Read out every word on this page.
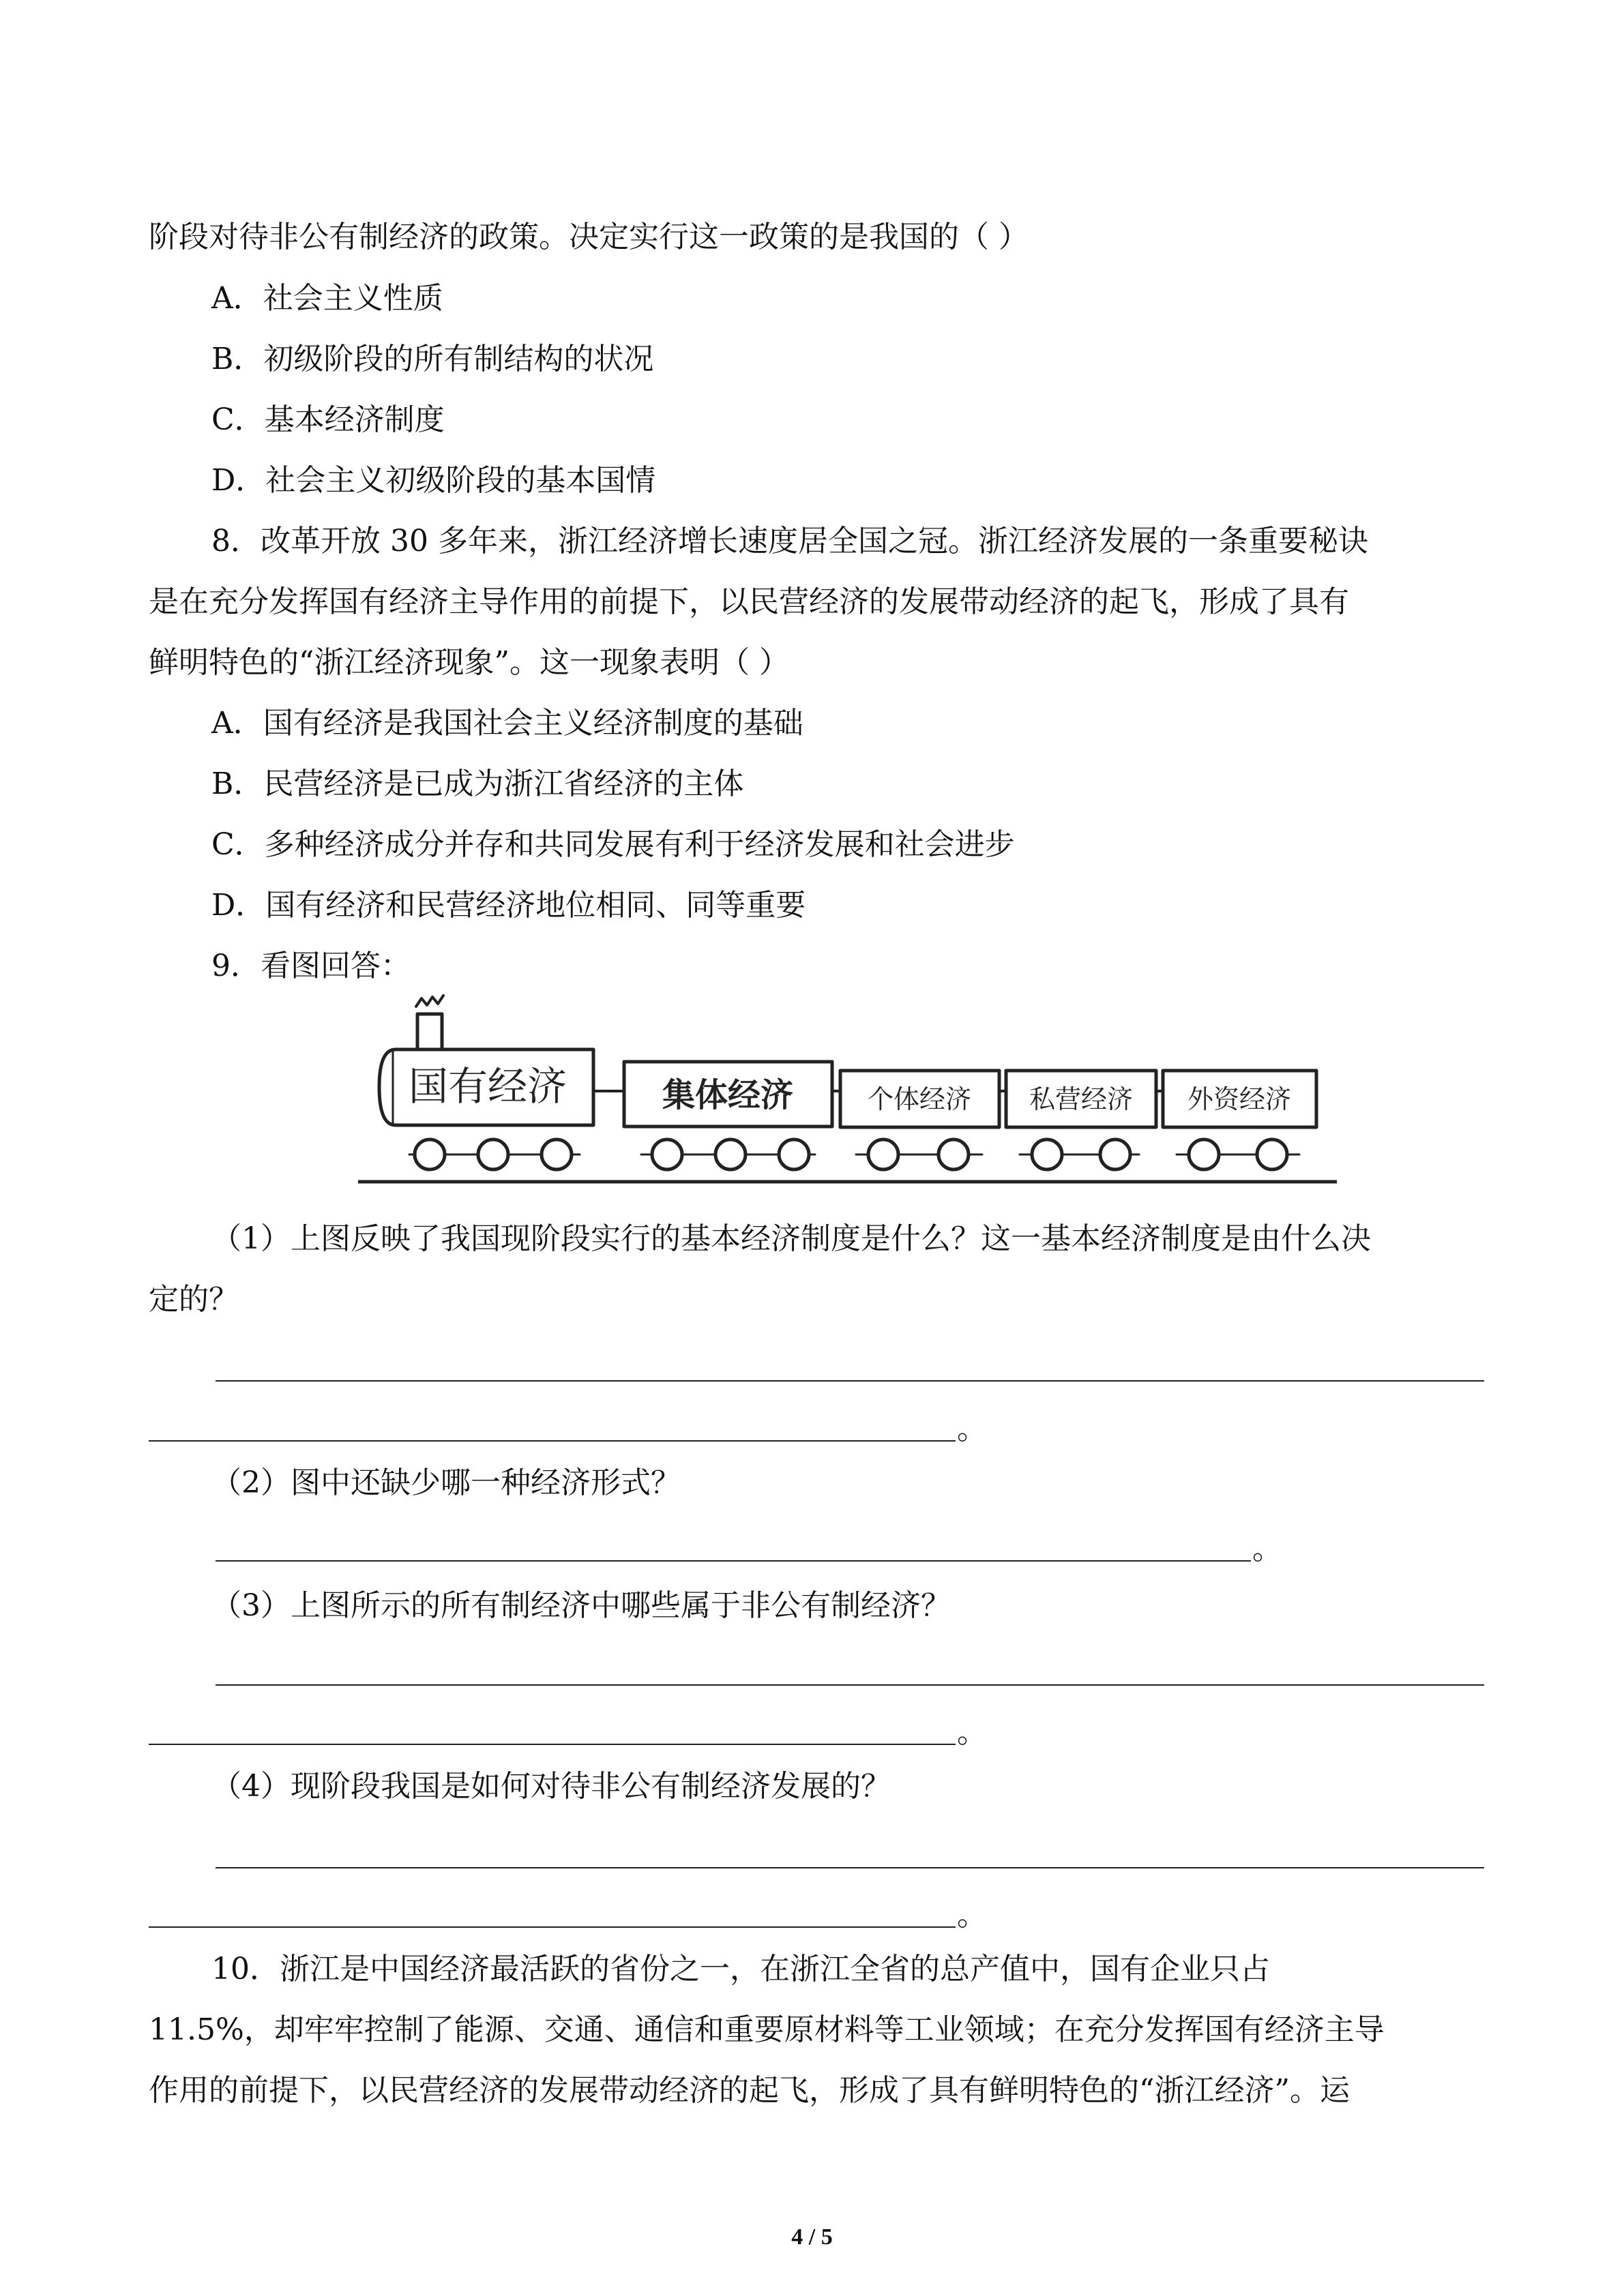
阶段对待非公有制经济的政策。决定实行这一政策的是我国的（ ）
A．社会主义性质
B．初级阶段的所有制结构的状况
C．基本经济制度
D．社会主义初级阶段的基本国情
8．改革开放 30 多年来，浙江经济增长速度居全国之冠。浙江经济发展的一条重要秘诀
是在充分发挥国有经济主导作用的前提下，以民营经济的发展带动经济的起飞，形成了具有
鲜明特色的“浙江经济现象”。这一现象表明（ ）
A．国有经济是我国社会主义经济制度的基础
B．民营经济是已成为浙江省经济的主体
C．多种经济成分并存和共同发展有利于经济发展和社会进步
D．国有经济和民营经济地位相同、同等重要
9．看图回答：
国有经济	集体经济	个体经济 私营经济 外资经济
（1）上图反映了我国现阶段实行的基本经济制度是什么？这一基本经济制度是由什么决
定的？
。
（2）图中还缺少哪一种经济形式？
。
（3）上图所示的所有制经济中哪些属于非公有制经济？
。
（4）现阶段我国是如何对待非公有制经济发展的？
。
10．浙江是中国经济最活跃的省份之一，在浙江全省的总产值中，国有企业只占
11.5%，却牢牢控制了能源、交通、通信和重要原材料等工业领域；在充分发挥国有经济主导
作用的前提下，以民营经济的发展带动经济的起飞，形成了具有鲜明特色的“浙江经济”。运
4 / 5
